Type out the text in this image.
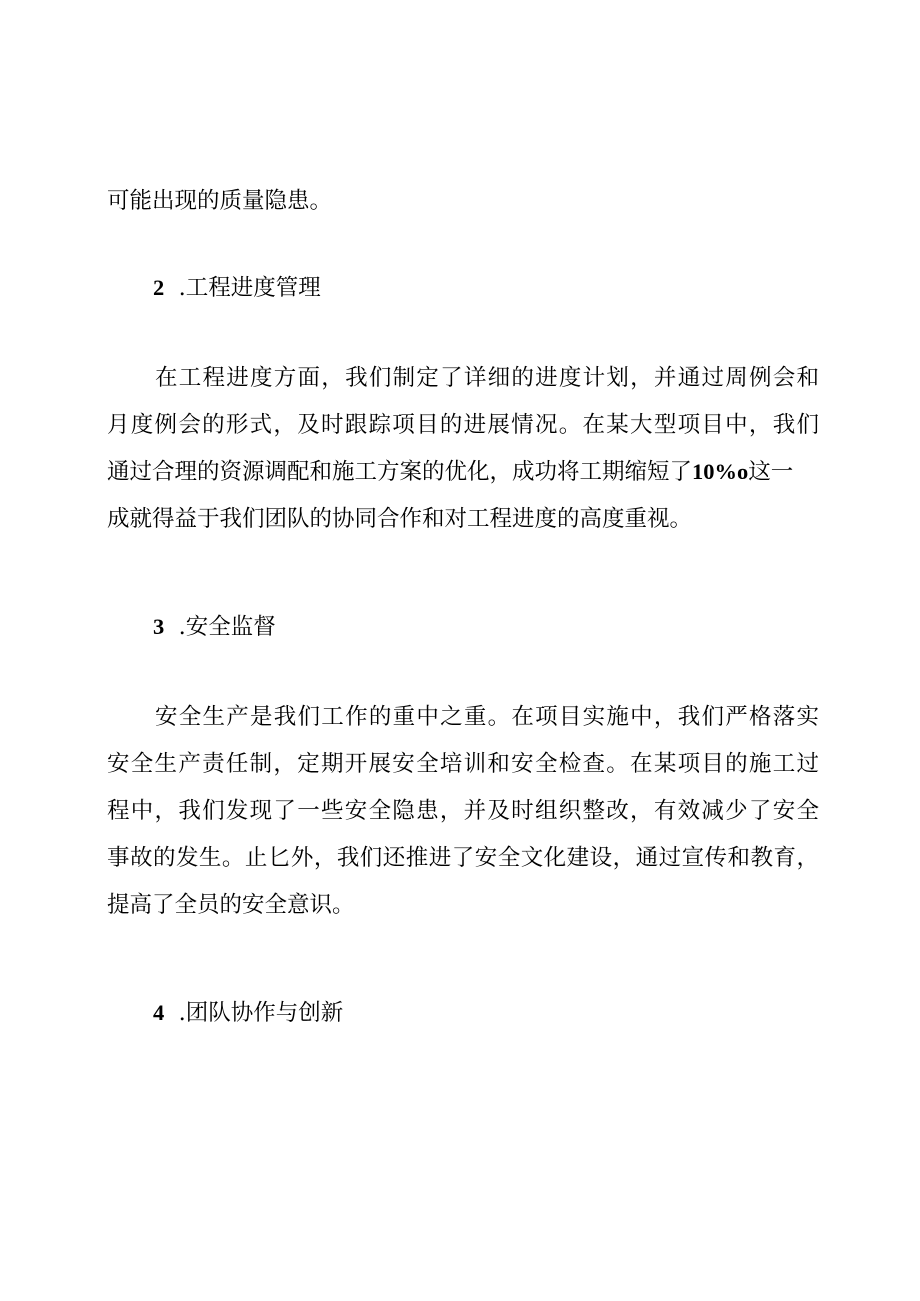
可能出现的质量隐患。
2 .工程进度管理
在工程进度方面，我们制定了详细的进度计划，并通过周例会和
月度例会的形式，及时跟踪项目的进展情况。在某大型项目中，我们
通过合理的资源调配和施工方案的优化，成功将工期缩短了10%o这一
成就得益于我们团队的协同合作和对工程进度的高度重视。
3 .安全监督
安全生产是我们工作的重中之重。在项目实施中，我们严格落实
安全生产责任制，定期开展安全培训和安全检查。在某项目的施工过
程中，我们发现了一些安全隐患，并及时组织整改，有效减少了安全
事故的发生。止匕外，我们还推进了安全文化建设，通过宣传和教育，
提高了全员的安全意识。
4 .团队协作与创新
